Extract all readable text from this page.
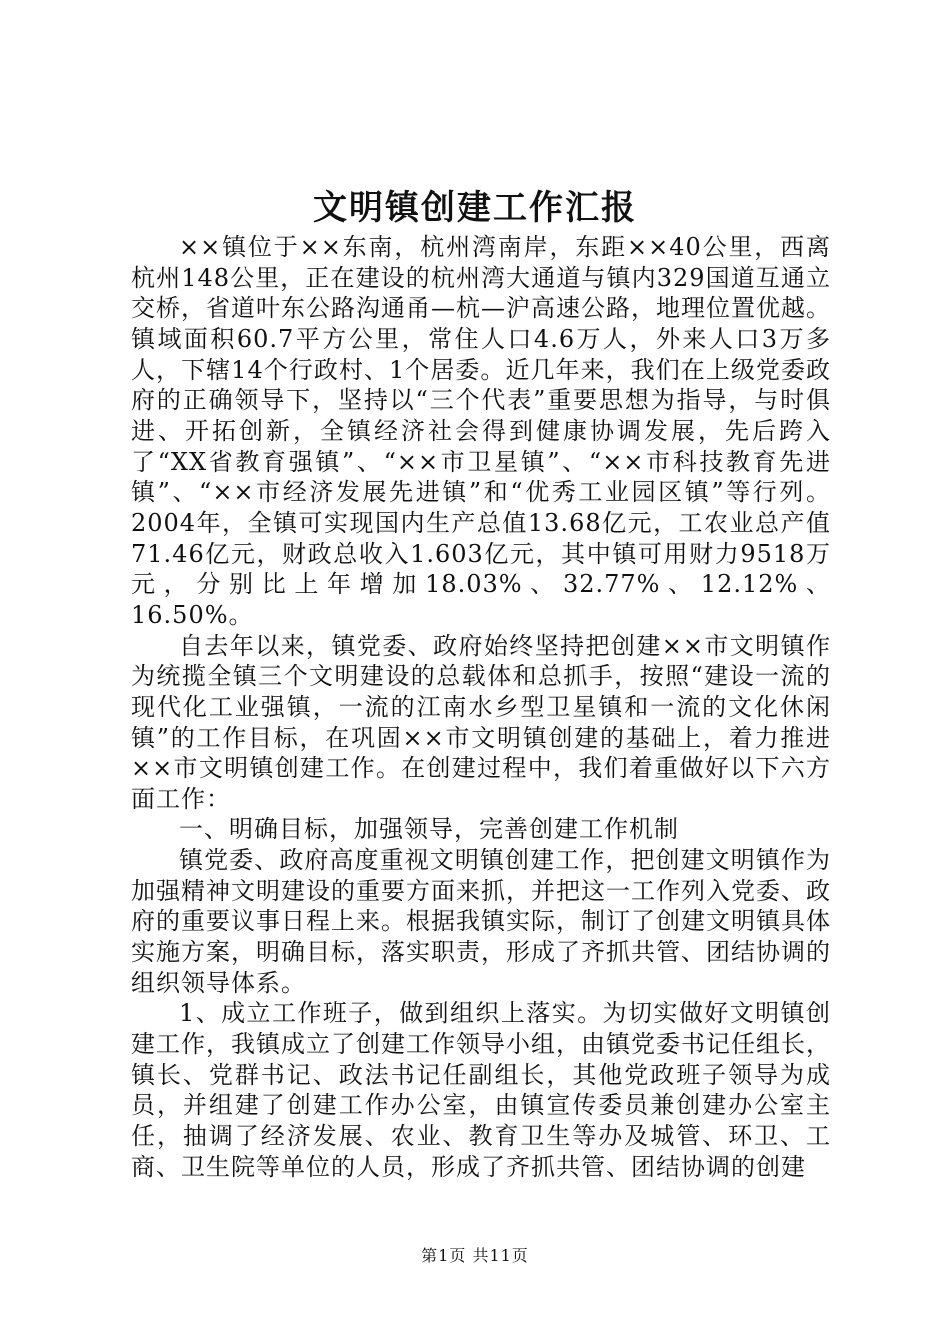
文明镇创建工作汇报

××镇位于××东南，杭州湾南岸，东距××40公里，西离杭州148公里，正在建设的杭州湾大通道与镇内329国道互通立交桥，省道叶东公路沟通甬—杭—沪高速公路，地理位置优越。镇域面积60.7平方公里，常住人口4.6万人，外来人口3万多人，下辖14个行政村、1个居委。近几年来，我们在上级党委政府的正确领导下，坚持以“三个代表”重要思想为指导，与时俱进、开拓创新，全镇经济社会得到健康协调发展，先后跨入了“XX省教育强镇”、“××市卫星镇”、“××市科技教育先进镇”、“××市经济发展先进镇”和“优秀工业园区镇”等行列。2004年，全镇可实现国内生产总值13.68亿元，工农业总产值71.46亿元，财政总收入1.603亿元，其中镇可用财力9518万元，分别比上年增加18.03%、32.77%、12.12%、16.50%。

自去年以来，镇党委、政府始终坚持把创建××市文明镇作为统揽全镇三个文明建设的总载体和总抓手，按照“建设一流的现代化工业强镇，一流的江南水乡型卫星镇和一流的文化休闲镇”的工作目标，在巩固××市文明镇创建的基础上，着力推进××市文明镇创建工作。在创建过程中，我们着重做好以下六方面工作：

一、明确目标，加强领导，完善创建工作机制

镇党委、政府高度重视文明镇创建工作，把创建文明镇作为加强精神文明建设的重要方面来抓，并把这一工作列入党委、政府的重要议事日程上来。根据我镇实际，制订了创建文明镇具体实施方案，明确目标，落实职责，形成了齐抓共管、团结协调的组织领导体系。

1、成立工作班子，做到组织上落实。为切实做好文明镇创建工作，我镇成立了创建工作领导小组，由镇党委书记任组长，镇长、党群书记、政法书记任副组长，其他党政班子领导为成员，并组建了创建工作办公室，由镇宣传委员兼创建办公室主任，抽调了经济发展、农业、教育卫生等办及城管、环卫、工商、卫生院等单位的人员，形成了齐抓共管、团结协调的创建

第1页 共11页
